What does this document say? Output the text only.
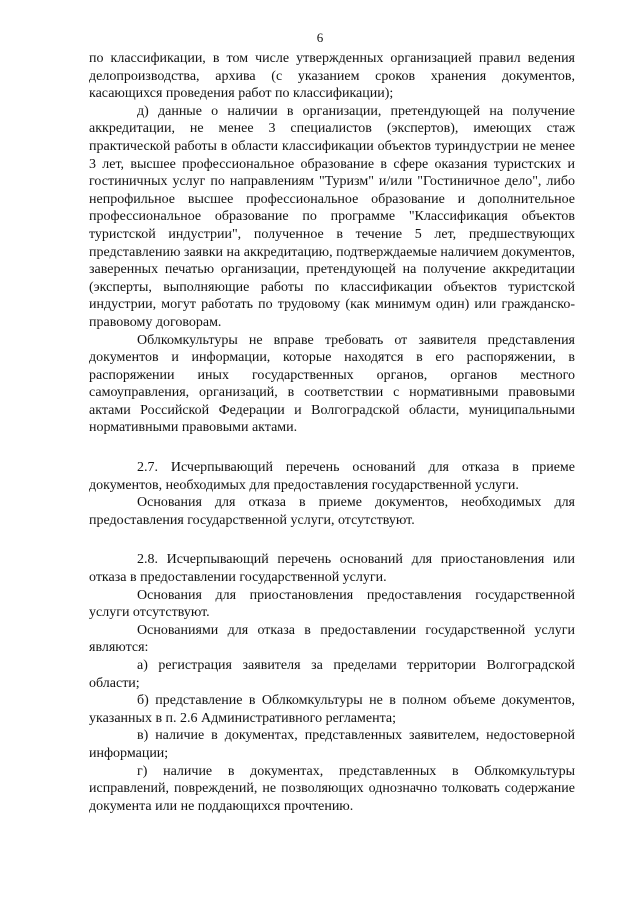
6

по классификации, в том числе утвержденных организацией правил ведения делопроизводства, архива (с указанием сроков хранения документов, касающихся проведения работ по классификации);

д) данные о наличии в организации, претендующей на получение аккредитации, не менее 3 специалистов (экспертов), имеющих стаж практической работы в области классификации объектов туриндустрии не менее 3 лет, высшее профессиональное образование в сфере оказания туристских и гостиничных услуг по направлениям "Туризм" и/или "Гостиничное дело", либо непрофильное высшее профессиональное образование и дополнительное профессиональное образование по программе "Классификация объектов туристской индустрии", полученное в течение 5 лет, предшествующих представлению заявки на аккредитацию, подтверждаемые наличием документов, заверенных печатью организации, претендующей на получение аккредитации (эксперты, выполняющие работы по классификации объектов туристской индустрии, могут работать по трудовому (как минимум один) или гражданско-правовому договорам.

Облкомкультуры не вправе требовать от заявителя представления документов и информации, которые находятся в его распоряжении, в распоряжении иных государственных органов, органов местного самоуправления, организаций, в соответствии с нормативными правовыми актами Российской Федерации и Волгоградской области, муниципальными нормативными правовыми актами.

2.7. Исчерпывающий перечень оснований для отказа в приеме документов, необходимых для предоставления государственной услуги.

Основания для отказа в приеме документов, необходимых для предоставления государственной услуги, отсутствуют.

2.8. Исчерпывающий перечень оснований для приостановления или отказа в предоставлении государственной услуги.

Основания для приостановления предоставления государственной услуги отсутствуют.

Основаниями для отказа в предоставлении государственной услуги являются:

а) регистрация заявителя за пределами территории Волгоградской области;

б) представление в Облкомкультуры не в полном объеме документов, указанных в п. 2.6 Административного регламента;

в) наличие в документах, представленных заявителем, недостоверной информации;

г) наличие в документах, представленных в Облкомкультуры исправлений, повреждений, не позволяющих однозначно толковать содержание документа или не поддающихся прочтению.
